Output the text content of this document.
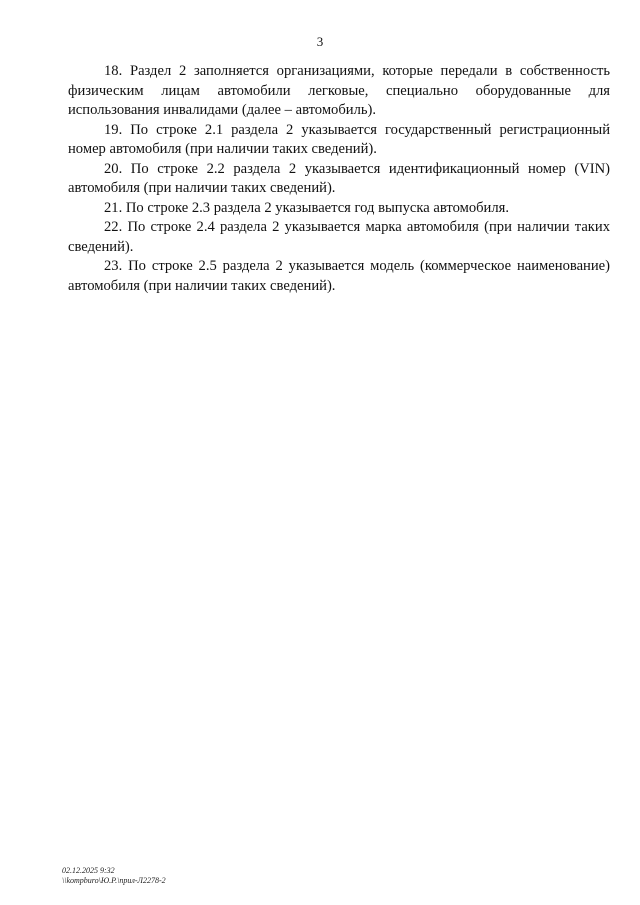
3

18. Раздел 2 заполняется организациями, которые передали в собственность физическим лицам автомобили легковые, специально оборудованные для использования инвалидами (далее – автомобиль).

19. По строке 2.1 раздела 2 указывается государственный регистрационный номер автомобиля (при наличии таких сведений).

20. По строке 2.2 раздела 2 указывается идентификационный номер (VIN) автомобиля (при наличии таких сведений).

21. По строке 2.3 раздела 2 указывается год выпуска автомобиля.

22. По строке 2.4 раздела 2 указывается марка автомобиля (при наличии таких сведений).

23. По строке 2.5 раздела 2 указывается модель (коммерческое наименование) автомобиля (при наличии таких сведений).

02.12.2025 9:32
\\kompburo\Ю.Р.\прил-Л2278-2
